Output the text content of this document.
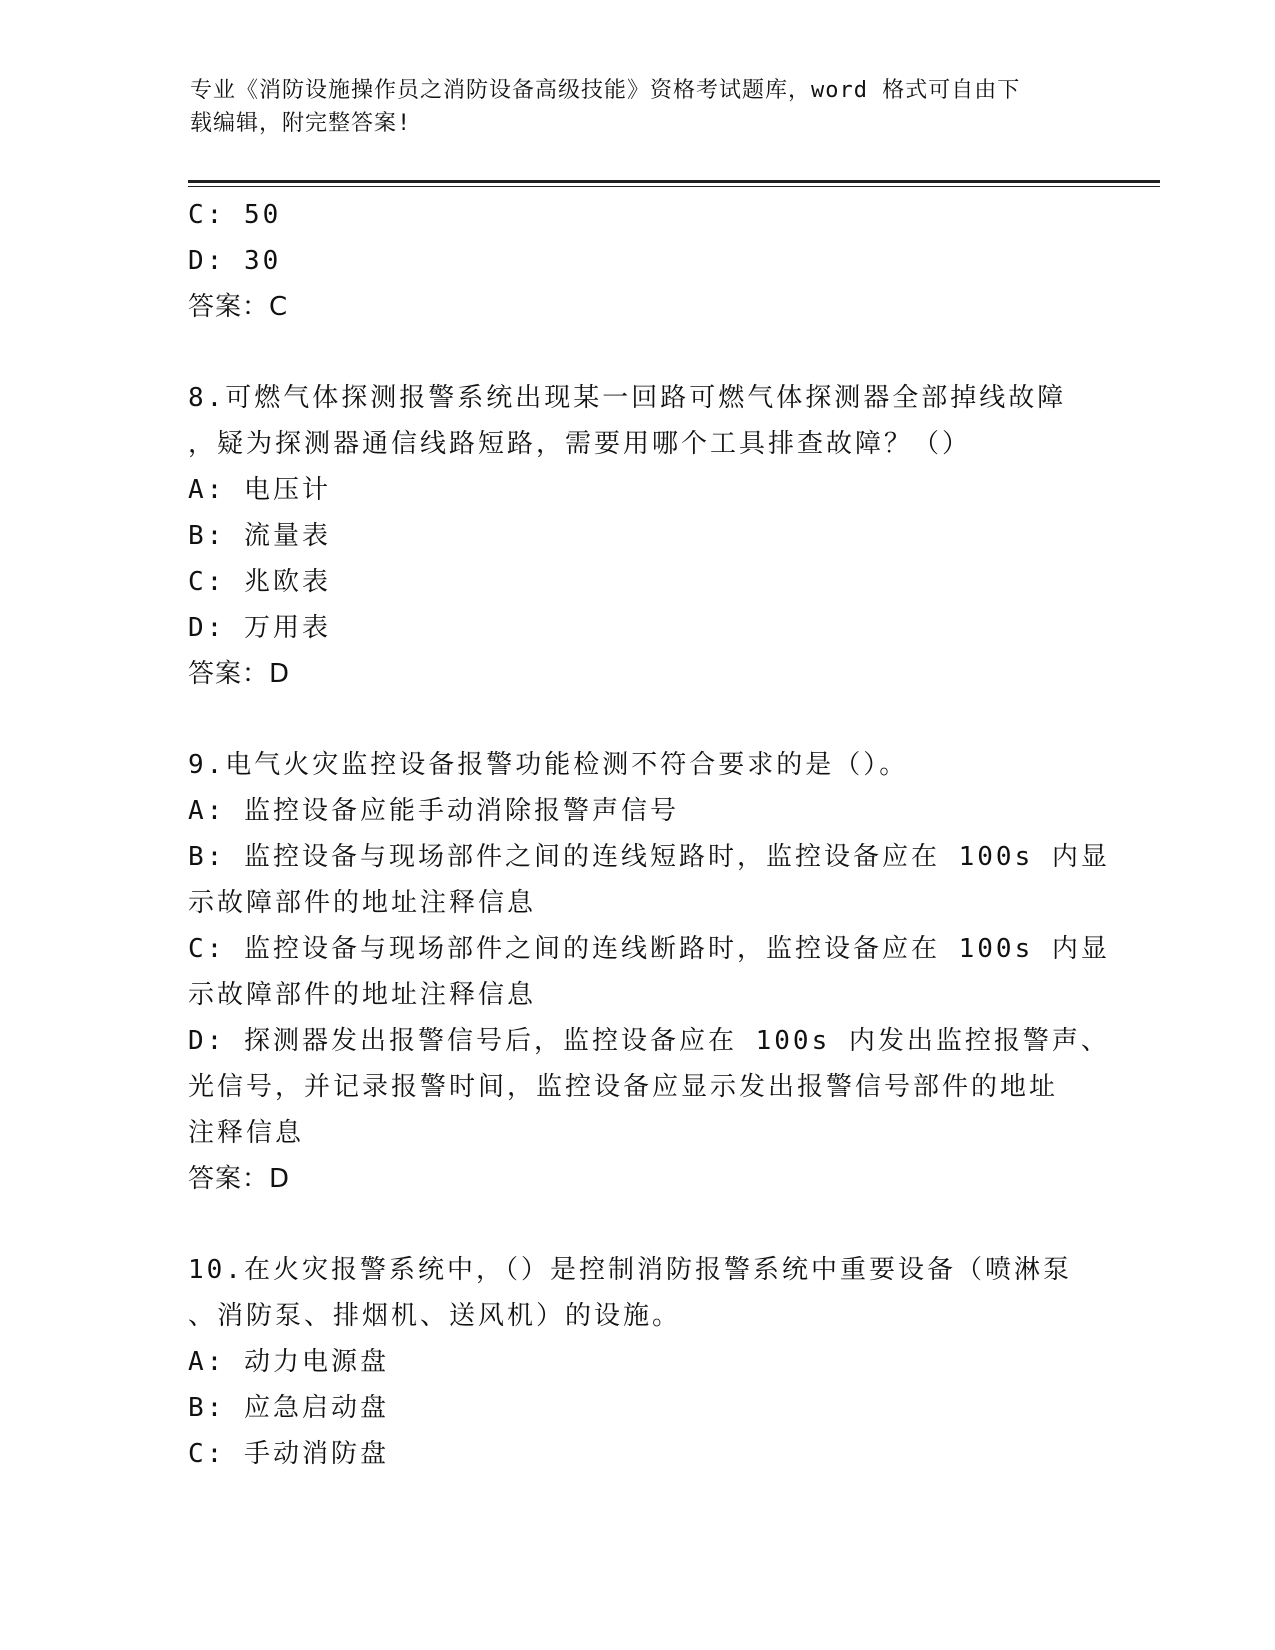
专业《消防设施操作员之消防设备高级技能》资格考试题库，word 格式可自由下
载编辑，附完整答案!
C: 50
D: 30
答案：C
8.可燃气体探测报警系统出现某一回路可燃气体探测器全部掉线故障
，疑为探测器通信线路短路，需要用哪个工具排查故障？（）
A: 电压计
B: 流量表
C: 兆欧表
D: 万用表
答案：D
9.电气火灾监控设备报警功能检测不符合要求的是（）。
A: 监控设备应能手动消除报警声信号
B: 监控设备与现场部件之间的连线短路时，监控设备应在 100s 内显
示故障部件的地址注释信息
C: 监控设备与现场部件之间的连线断路时，监控设备应在 100s 内显
示故障部件的地址注释信息
D: 探测器发出报警信号后，监控设备应在 100s 内发出监控报警声、
光信号，并记录报警时间，监控设备应显示发出报警信号部件的地址
注释信息
答案：D
10.在火灾报警系统中，（）是控制消防报警系统中重要设备（喷淋泵
、消防泵、排烟机、送风机）的设施。
A: 动力电源盘
B: 应急启动盘
C: 手动消防盘
